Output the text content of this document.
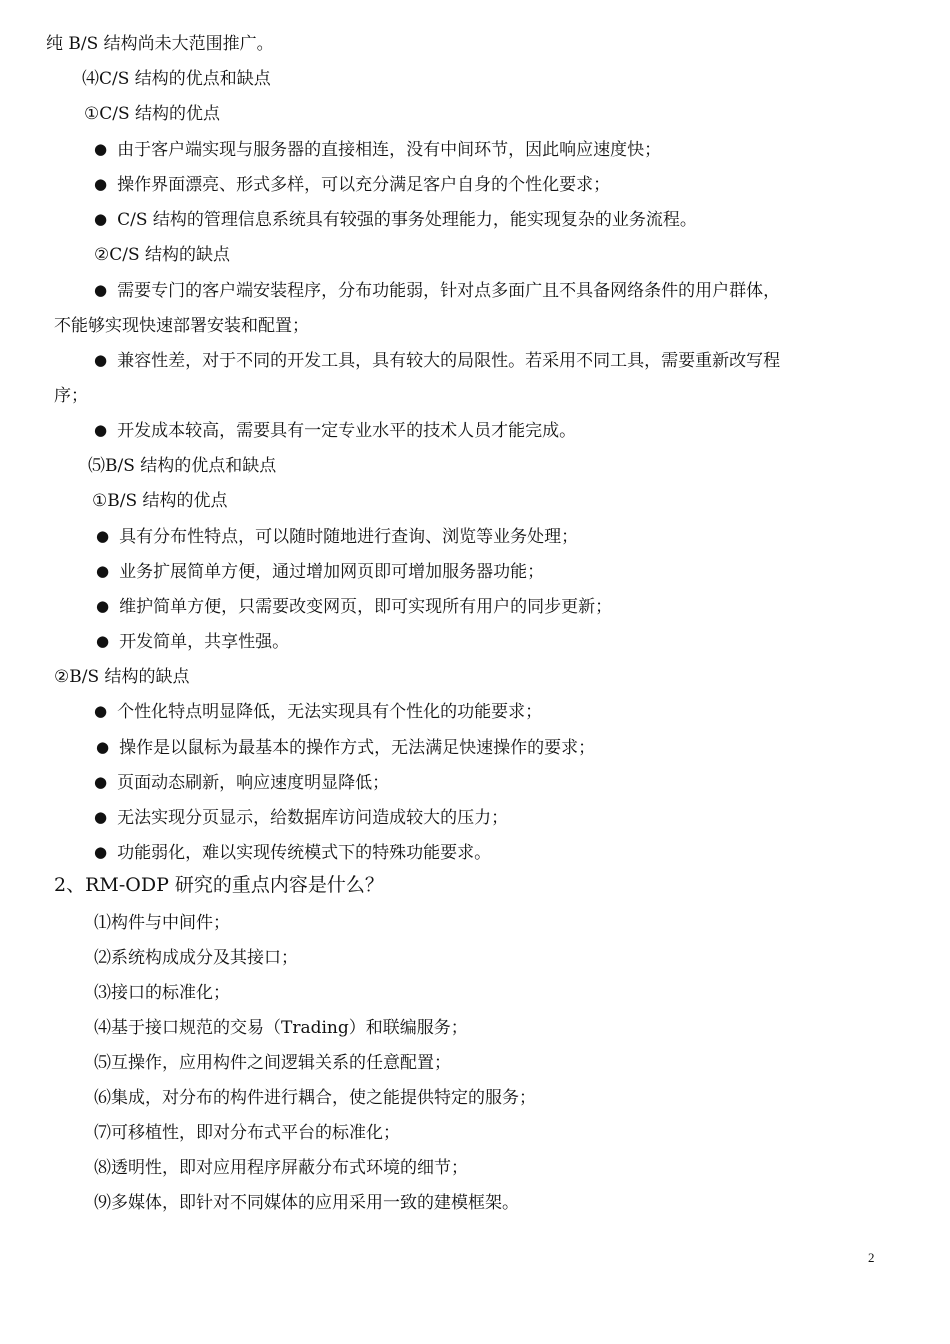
纯 B/S 结构尚未大范围推广。
⑷C/S 结构的优点和缺点
①C/S 结构的优点
● 由于客户端实现与服务器的直接相连，没有中间环节，因此响应速度快；
● 操作界面漂亮、形式多样，可以充分满足客户自身的个性化要求；
● C/S 结构的管理信息系统具有较强的事务处理能力，能实现复杂的业务流程。
②C/S 结构的缺点
● 需要专门的客户端安装程序，分布功能弱，针对点多面广且不具备网络条件的用户群体，
不能够实现快速部署安装和配置；
● 兼容性差，对于不同的开发工具，具有较大的局限性。若采用不同工具，需要重新改写程
序；
● 开发成本较高，需要具有一定专业水平的技术人员才能完成。
⑸B/S 结构的优点和缺点
①B/S 结构的优点
● 具有分布性特点，可以随时随地进行查询、浏览等业务处理；
● 业务扩展简单方便，通过增加网页即可增加服务器功能；
● 维护简单方便，只需要改变网页，即可实现所有用户的同步更新；
● 开发简单，共享性强。
②B/S 结构的缺点
● 个性化特点明显降低，无法实现具有个性化的功能要求；
● 操作是以鼠标为最基本的操作方式，无法满足快速操作的要求；
● 页面动态刷新，响应速度明显降低；
● 无法实现分页显示，给数据库访问造成较大的压力；
● 功能弱化，难以实现传统模式下的特殊功能要求。
2、RM-ODP 研究的重点内容是什么？
⑴构件与中间件；
⑵系统构成成分及其接口；
⑶接口的标准化；
⑷基于接口规范的交易（Trading）和联编服务；
⑸互操作，应用构件之间逻辑关系的任意配置；
⑹集成，对分布的构件进行耦合，使之能提供特定的服务；
⑺可移植性，即对分布式平台的标准化；
⑻透明性，即对应用程序屏蔽分布式环境的细节；
⑼多媒体，即针对不同媒体的应用采用一致的建模框架。
2
